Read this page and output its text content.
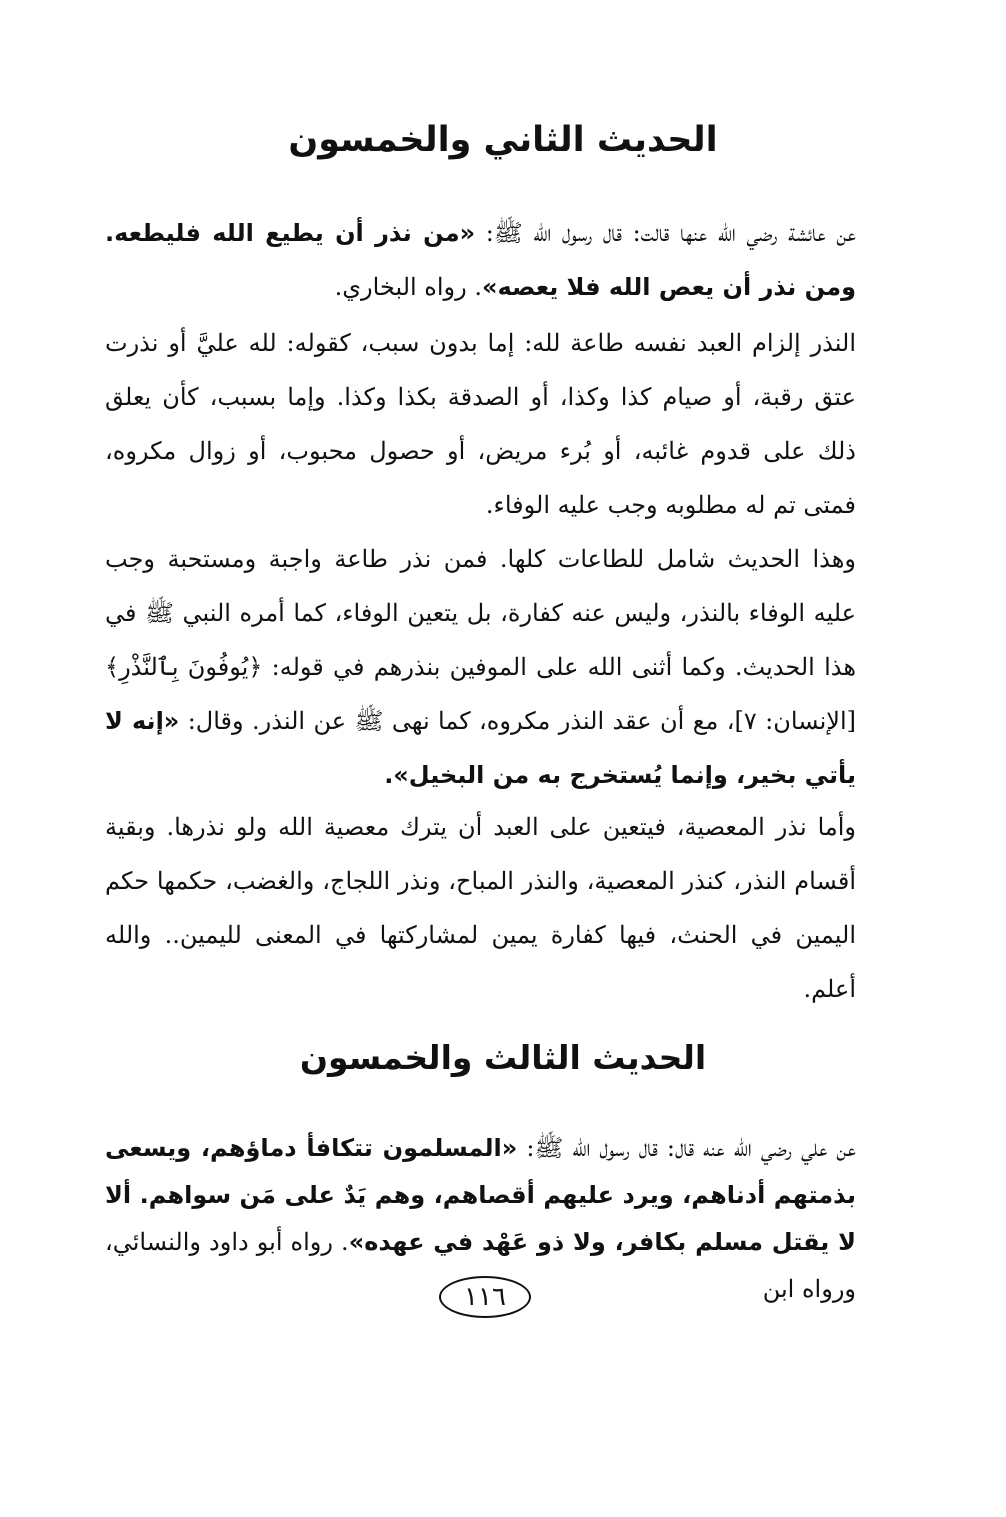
الحديث الثاني والخمسون

عن عائشة رضي الله عنها قالت: قال رسول الله ﷺ: «من نذر أن يطيع الله فليطعه. ومن نذر أن يعص الله فلا يعصه». رواه البخاري.

النذر إلزام العبد نفسه طاعة لله: إما بدون سبب، كقوله: لله عليَّ أو نذرت عتق رقبة، أو صيام كذا وكذا، أو الصدقة بكذا وكذا. وإما بسبب، كأن يعلق ذلك على قدوم غائبه، أو بُرء مريض، أو حصول محبوب، أو زوال مكروه، فمتى تم له مطلوبه وجب عليه الوفاء.

وهذا الحديث شامل للطاعات كلها. فمن نذر طاعة واجبة ومستحبة وجب عليه الوفاء بالنذر، وليس عنه كفارة، بل يتعين الوفاء، كما أمره النبي ﷺ في هذا الحديث. وكما أثنى الله على الموفين بنذرهم في قوله: ﴿يُوفُونَ بِٱلنَّذْرِ﴾ [الإنسان: ٧]، مع أن عقد النذر مكروه، كما نهى ﷺ عن النذر. وقال: «إنه لا يأتي بخير، وإنما يُستخرج به من البخيل».

وأما نذر المعصية، فيتعين على العبد أن يترك معصية الله ولو نذرها. وبقية أقسام النذر، كنذر المعصية، والنذر المباح، ونذر اللجاج، والغضب، حكمها حكم اليمين في الحنث، فيها كفارة يمين لمشاركتها في المعنى لليمين.. والله أعلم.

الحديث الثالث والخمسون

عن علي رضي الله عنه قال: قال رسول الله ﷺ: «المسلمون تتكافأ دماؤهم، ويسعى بذمتهم أدناهم، ويرد عليهم أقصاهم، وهم يَدٌ على مَن سواهم. ألا لا يقتل مسلم بكافر، ولا ذو عَهْد في عهده». رواه أبو داود والنسائي، ورواه ابن

١١٦
